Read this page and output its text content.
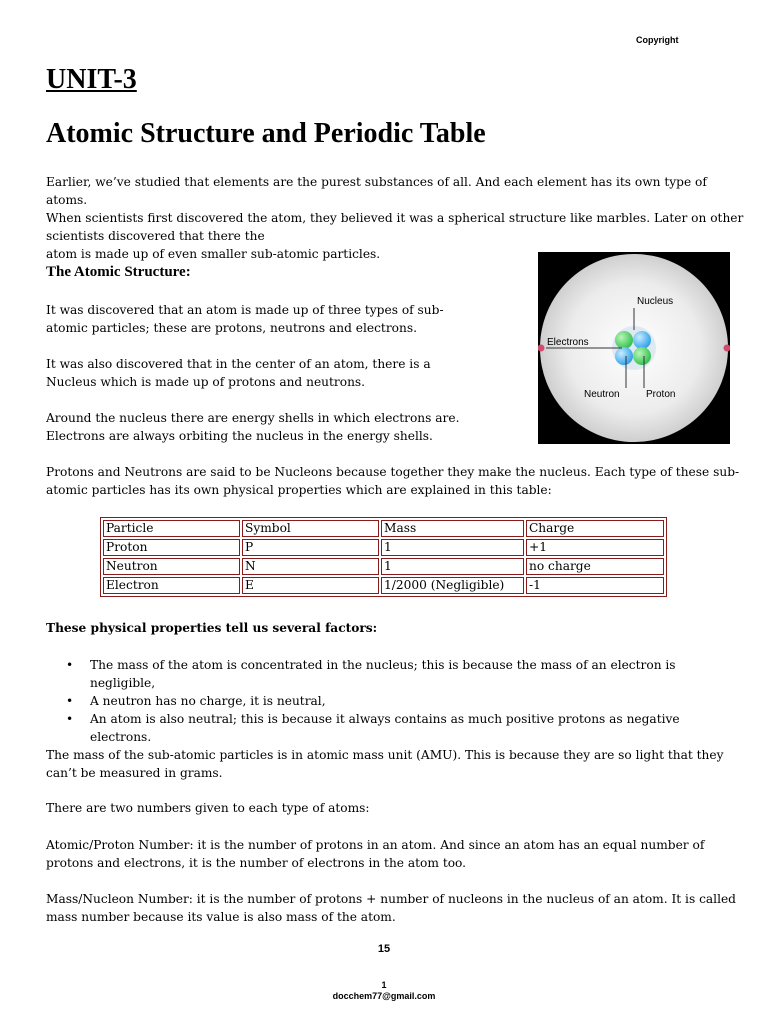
Copyright
UNIT-3
Atomic Structure and Periodic Table

Earlier, we’ve studied that elements are the purest substances of all. And each element has its own type of atoms.

When scientists first discovered the atom, they believed it was a spherical structure like marbles. Later on other

scientists discovered that there the

atom is made up of even smaller sub-atomic particles.

The Atomic Structure:

It was discovered that an atom is made up of three types of sub-

atomic particles; these are protons, neutrons and electrons.

It was also discovered that in the center of an atom, there is a

Nucleus which is made up of protons and neutrons.

Around the nucleus there are energy shells in which electrons are.

Electrons are always orbiting the nucleus in the energy shells.

Nucleus
Electrons
Neutron	Proton

Protons and Neutrons are said to be Nucleons because together they make the nucleus. Each type of these sub-

atomic particles has its own physical properties which are explained in this table:

Particle	Symbol	Mass	Charge
Proton	P	1	+1
Neutron	N	1	no charge
Electron	E	1/2000 (Negligible)	-1
These physical properties tell us several factors:
• The mass of the atom is concentrated in the nucleus; this is because the mass of an electron is negligible,
• A neutron has no charge, it is neutral,
• An atom is also neutral; this is because it always contains as much positive protons as negative
electrons.

The mass of the sub-atomic particles is in atomic mass unit (AMU). This is because they are so light that they

can’t be measured in grams.

There are two numbers given to each type of atoms:

Atomic/Proton Number: it is the number of protons in an atom. And since an atom has an equal number of

protons and electrons, it is the number of electrons in the atom too.

Mass/Nucleon Number: it is the number of protons + number of nucleons in the nucleus of an atom. It is called

mass number because its value is also mass of the atom.

15
1
docchem77@gmail.com
